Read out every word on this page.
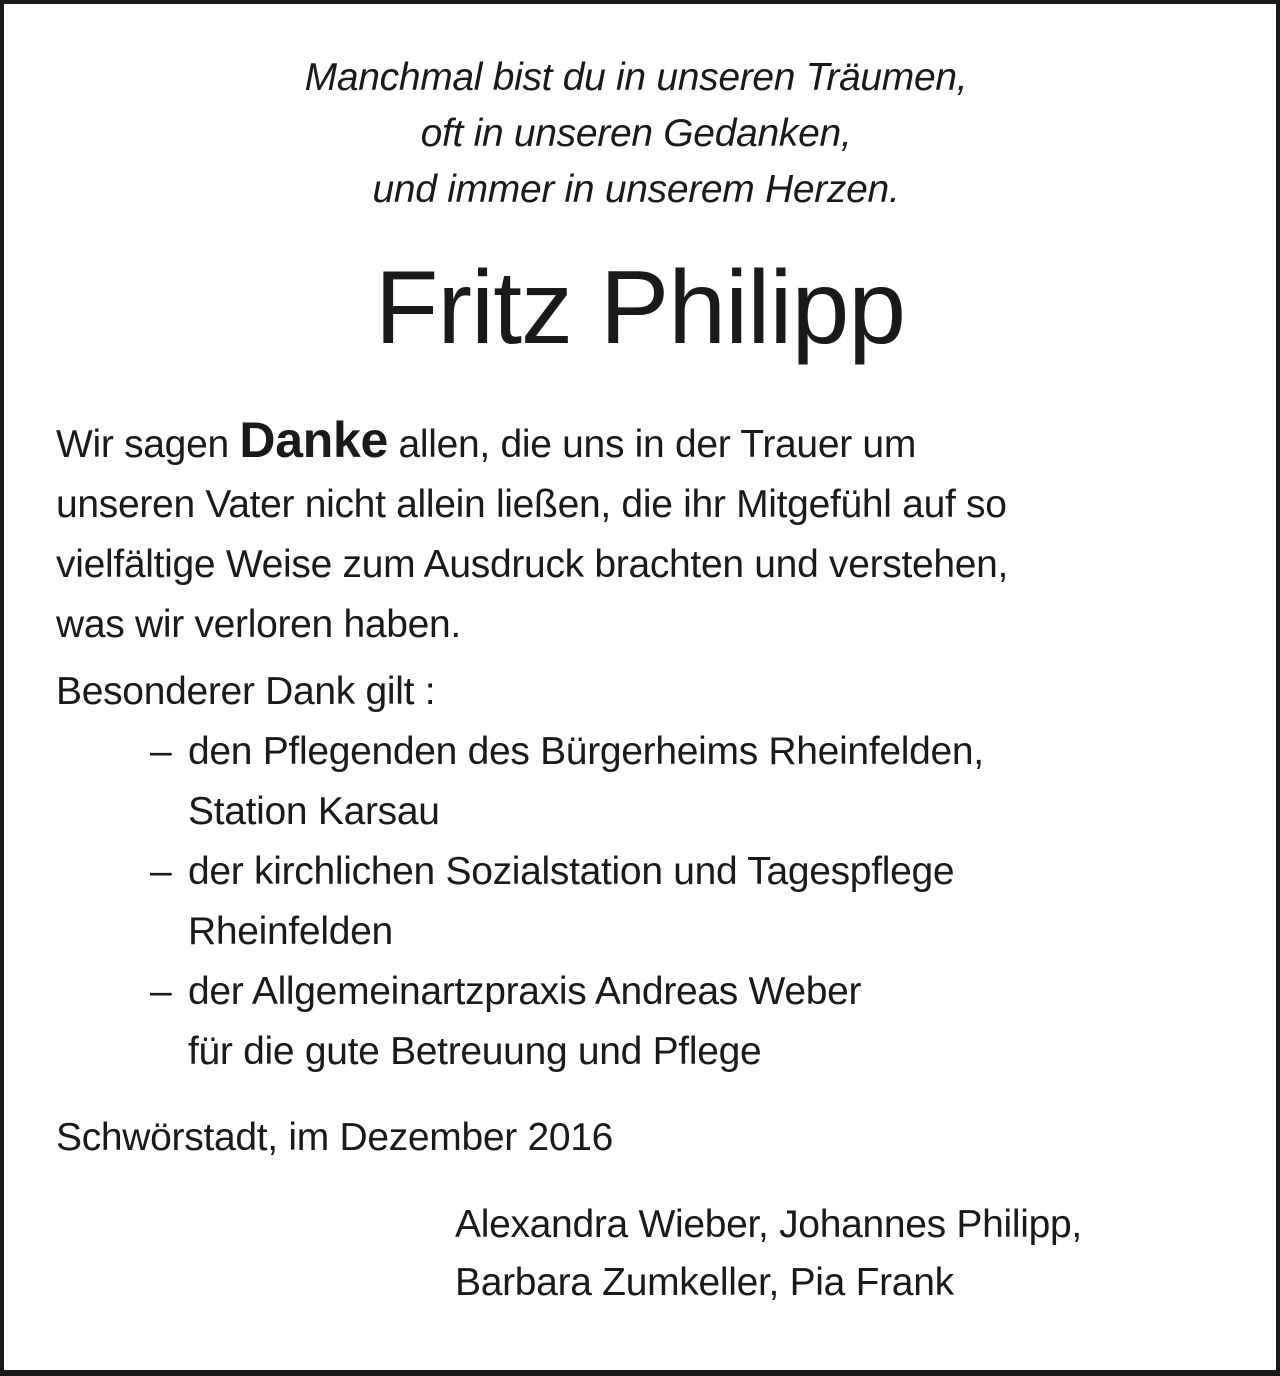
Manchmal bist du in unseren Träumen,
oft in unseren Gedanken,
und immer in unserem Herzen.
Fritz Philipp
Wir sagen Danke allen, die uns in der Trauer um
unseren Vater nicht allein ließen, die ihr Mitgefühl auf so
vielfältige Weise zum Ausdruck brachten und verstehen,
was wir verloren haben.
Besonderer Dank gilt :
– den Pflegenden des Bürgerheims Rheinfelden,
Station Karsau
– der kirchlichen Sozialstation und Tagespflege
Rheinfelden
– der Allgemeinartzpraxis Andreas Weber
für die gute Betreuung und Pflege
Schwörstadt, im Dezember 2016
Alexandra Wieber, Johannes Philipp,
Barbara Zumkeller, Pia Frank
